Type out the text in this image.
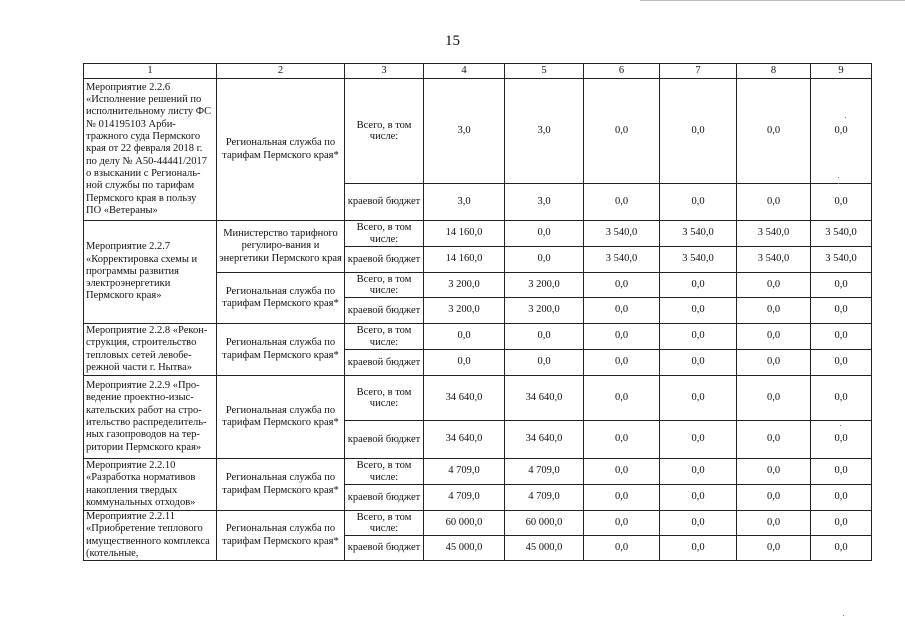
15
1	2	3	4	5	6	7	8	9
Мероприятие 2.2.6 «Исполнение решений по исполнительному листу ФС № 014195103 Арби-тражного суда Пермского края от 22 февраля 2018 г. по делу № А50-44441/2017 о взыскании с Региональ-ной службы по тарифам Пермского края в пользу ПО «Ветераны»	Региональная служба по тарифам Пермского края*	Всего, в том числе:	3,0	3,0	0,0	0,0	0,0	0,0
		краевой бюджет	3,0	3,0	0,0	0,0	0,0	0,0
Мероприятие 2.2.7 «Корректировка схемы и программы развития электроэнергетики Пермского края»	Министерство тарифного регулиро-вания и энергетики Пермского края	Всего, в том числе:	14 160,0	0,0	3 540,0	3 540,0	3 540,0	3 540,0
		краевой бюджет	14 160,0	0,0	3 540,0	3 540,0	3 540,0	3 540,0
	Региональная служба по тарифам Пермского края*	Всего, в том числе:	3 200,0	3 200,0	0,0	0,0	0,0	0,0
		краевой бюджет	3 200,0	3 200,0	0,0	0,0	0,0	0,0
Мероприятие 2.2.8 «Рекон-струкция, строительство тепловых сетей левобе-режной части г. Нытва»	Региональная служба по тарифам Пермского края*	Всего, в том числе:	0,0	0,0	0,0	0,0	0,0	0,0
		краевой бюджет	0,0	0,0	0,0	0,0	0,0	0,0
Мероприятие 2.2.9 «Про-ведение проектно-изыс-кательских работ на стро-ительство распределитель-ных газопроводов на тер-ритории Пермского края»	Региональная служба по тарифам Пермского края*	Всего, в том числе:	34 640,0	34 640,0	0,0	0,0	0,0	0,0
		краевой бюджет	34 640,0	34 640,0	0,0	0,0	0,0	0,0
Мероприятие 2.2.10 «Разработка нормативов накопления твердых коммунальных отходов»	Региональная служба по тарифам Пермского края*	Всего, в том числе:	4 709,0	4 709,0	0,0	0,0	0,0	0,0
		краевой бюджет	4 709,0	4 709,0	0,0	0,0	0,0	0,0
Мероприятие 2.2.11 «Приобретение теплового имущественного комплекса (котельные,	Региональная служба по тарифам Пермского края*	Всего, в том числе:	60 000,0	60 000,0	0,0	0,0	0,0	0,0
		краевой бюджет	45 000,0	45 000,0	0,0	0,0	0,0	0,0
